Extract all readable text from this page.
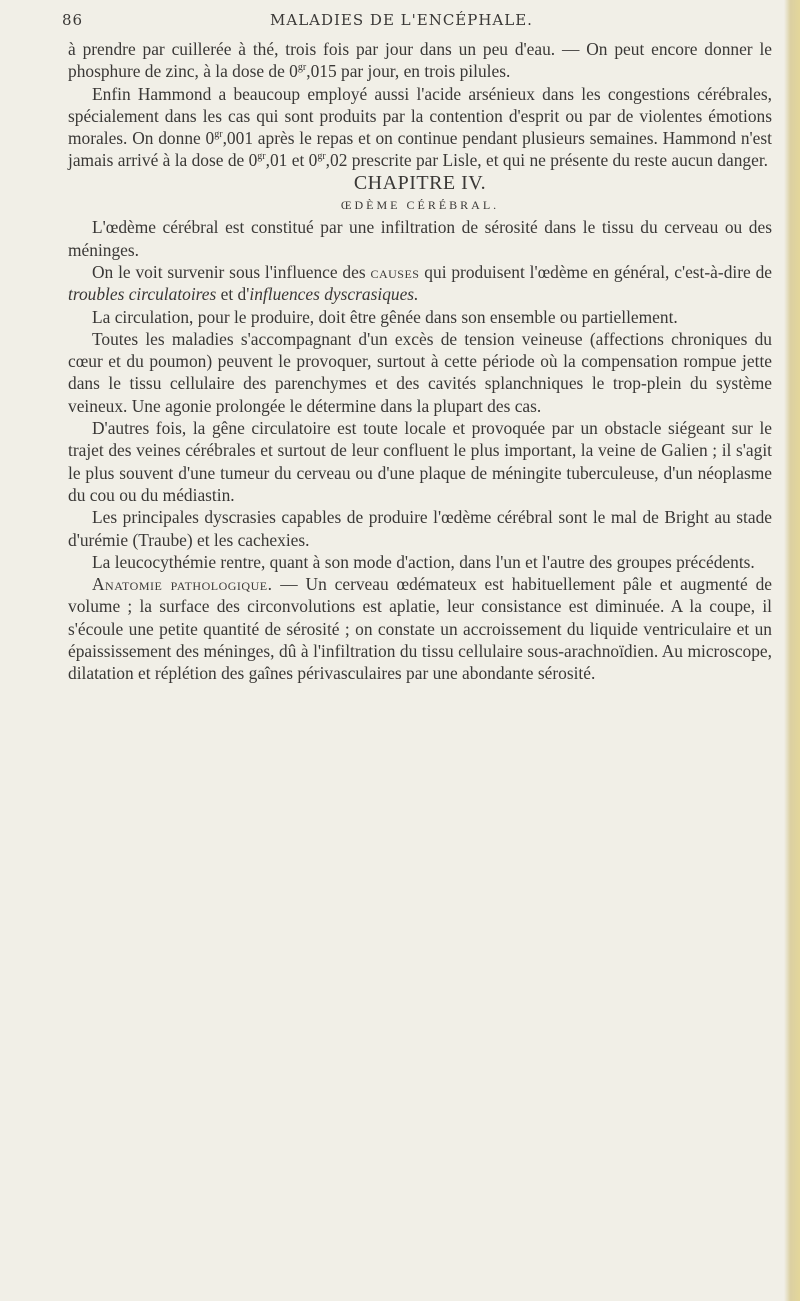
86	MALADIES DE L'ENCÉPHALE.

à prendre par cuillerée à thé, trois fois par jour dans un peu d'eau. — On peut encore donner le phosphure de zinc, à la dose de $0^{gr},015$ par jour, en trois pilules.

Enfin Hammond a beaucoup employé aussi l'acide arsénieux dans les congestions cérébrales, spécialement dans les cas qui sont produits par la contention d'esprit ou par de violentes émotions morales. On donne $0^{gr},001$ après le repas et on continue pendant plusieurs semaines. Hammond n'est jamais arrivé à la dose de $0^{gr},01$ et $0^{gr},02$ prescrite par Lisle, et qui ne présente du reste aucun danger.

CHAPITRE IV.

ŒDÈME CÉRÉBRAL.

L'œdème cérébral est constitué par une infiltration de sérosité dans le tissu du cerveau ou des méninges.

On le voit survenir sous l'influence des causes qui produisent l'œdème en général, c'est-à-dire de troubles circulatoires et d'influences dyscrasiques.

La circulation, pour le produire, doit être gênée dans son ensemble ou partiellement.

Toutes les maladies s'accompagnant d'un excès de tension veineuse (affections chroniques du cœur et du poumon) peuvent le provoquer, surtout à cette période où la compensation rompue jette dans le tissu cellulaire des parenchymes et des cavités splanchniques le trop-plein du système veineux. Une agonie prolongée le détermine dans la plupart des cas.

D'autres fois, la gêne circulatoire est toute locale et provoquée par un obstacle siégeant sur le trajet des veines cérébrales et surtout de leur confluent le plus important, la veine de Galien ; il s'agit le plus souvent d'une tumeur du cerveau ou d'une plaque de méningite tuberculeuse, d'un néoplasme du cou ou du médiastin.

Les principales dyscrasies capables de produire l'œdème cérébral sont le mal de Bright au stade d'urémie (Traube) et les cachexies.

La leucocythémie rentre, quant à son mode d'action, dans l'un et l'autre des groupes précédents.

Anatomie pathologique. — Un cerveau œdémateux est habituellement pâle et augmenté de volume ; la surface des circonvolutions est aplatie, leur consistance est diminuée. A la coupe, il s'écoule une petite quantité de sérosité ; on constate un accroissement du liquide ventriculaire et un épaississement des méninges, dû à l'infiltration du tissu cellulaire sous-arachnoïdien. Au microscope, dilatation et réplétion des gaînes périvasculaires par une abondante sérosité.
